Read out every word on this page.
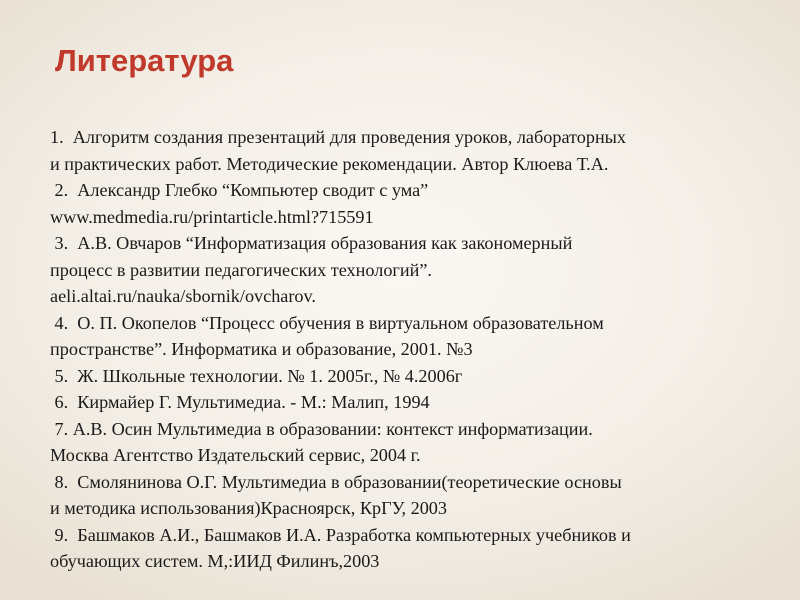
Литература
1.  Алгоритм создания презентаций для проведения уроков, лабораторных
и практических работ. Методические рекомендации. Автор Клюева Т.А.
2.  Александр Глебко “Компьютер сводит с ума”
www.medmedia.ru/printarticle.html?715591
3.  А.В. Овчаров “Информатизация образования как закономерный
процесс в развитии педагогических технологий”.
aeli.altai.ru/nauka/sbornik/ovcharov.
4.  О. П. Окопелов “Процесс обучения в виртуальном образовательном
пространстве”. Информатика и образование, 2001. №3
5.  Ж. Школьные технологии. № 1. 2005г., № 4.2006г
6.  Кирмайер Г. Мультимедиа. - М.: Малип, 1994
7. А.В. Осин Мультимедиа в образовании: контекст информатизации.
Москва Агентство Издательский сервис, 2004 г.
8.  Смолянинова О.Г. Мультимедиа в образовании(теоретические основы
и методика использования)Красноярск, КрГУ, 2003
9.  Башмаков А.И., Башмаков И.А. Разработка компьютерных учебников и
обучающих систем. М,:ИИД Филинъ,2003
